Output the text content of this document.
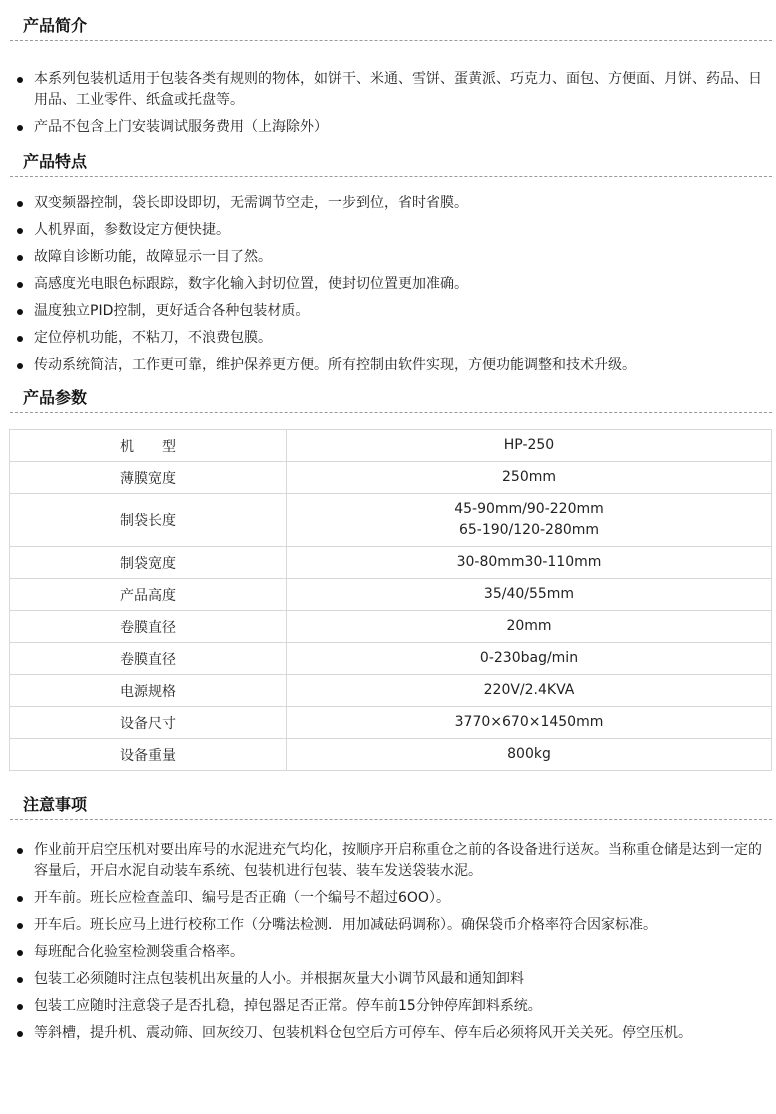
产品简介
本系列包装机适用于包装各类有规则的物体，如饼干、米通、雪饼、蛋黄派、巧克力、面包、方便面、月饼、药品、日用品、工业零件、纸盒或托盘等。
产品不包含上门安装调试服务费用（上海除外）
产品特点
双变频器控制，袋长即设即切，无需调节空走，一步到位，省时省膜。
人机界面，参数设定方便快捷。
故障自诊断功能，故障显示一目了然。
高感度光电眼色标跟踪，数字化输入封切位置，使封切位置更加准确。
温度独立PID控制，更好适合各种包装材质。
定位停机功能，不粘刀，不浪费包膜。
传动系统简洁，工作更可靠，维护保养更方便。所有控制由软件实现，方便功能调整和技术升级。
产品参数
机　　型	HP-250
薄膜宽度	250mm
制袋长度	45-90mm/90-220mm
65-190/120-280mm

制袋宽度	30-80mm30-110mm
产品高度	35/40/55mm
卷膜直径	20mm
卷膜直径	0-230bag/min
电源规格	220V/2.4KVA
设备尺寸	3770×670×1450mm
设备重量	800kg
注意事项
作业前开启空压机对要出库号的水泥进充气均化，按顺序开启称重仓之前的各设备进行送灰。当称重仓储是达到一定的容量后，开启水泥自动装车系统、包装机进行包装、装车发送袋装水泥。
开车前。班长应检查盖印、编号是否正确（一个编号不超过6OO）。
开车后。班长应马上进行校称工作（分嘴法检测．用加减砝码调称）。确保袋币介格率符合因家标准。
每班配合化验室检测袋重合格率。
包装工必须随时注点包装机出灰量的人小。并根据灰量大小调节风最和通知卸料
包装工应随时注意袋子是否扎稳，掉包器足否正常。停车前15分钟停库卸料系统。
等斜槽，提升机、震动筛、回灰绞刀、包装机料仓包空后方可停车、停车后必须将风开关关死。停空压机。
